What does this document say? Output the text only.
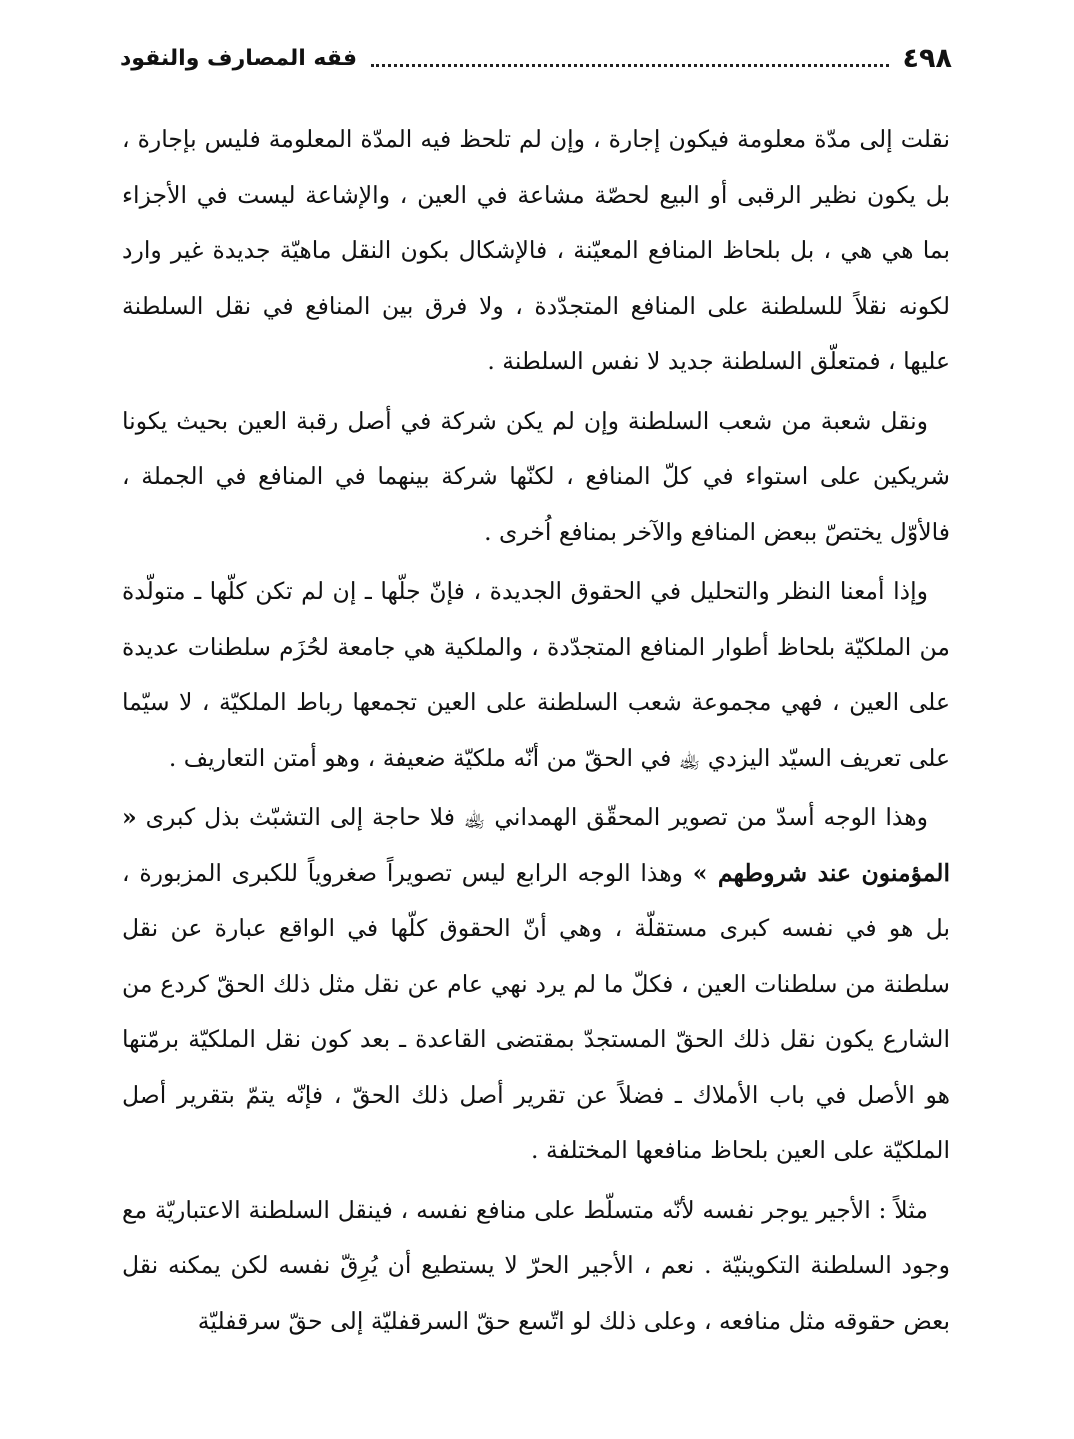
٤٩٨
فقه المصارف والنقود

نقلت إلى مدّة معلومة فيكون إجارة ، وإن لم تلحظ فيه المدّة المعلومة فليس بإجارة ، بل يكون نظير الرقبى أو البيع لحصّة مشاعة في العين ، والإشاعة ليست في الأجزاء بما هي هي ، بل بلحاظ المنافع المعيّنة ، فالإشكال بكون النقل ماهيّة جديدة غير وارد لكونه نقلاً للسلطنة على المنافع المتجدّدة ، ولا فرق بين المنافع في نقل السلطنة عليها ، فمتعلّق السلطنة جديد لا نفس السلطنة .

ونقل شعبة من شعب السلطنة وإن لم يكن شركة في أصل رقبة العين بحيث يكونا شريكين على استواء في كلّ المنافع ، لكنّها شركة بينهما في المنافع في الجملة ، فالأوّل يختصّ ببعض المنافع والآخر بمنافع اُخرى .

وإذا أمعنا النظر والتحليل في الحقوق الجديدة ، فإنّ جلّها ـ إن لم تكن كلّها ـ متولّدة من الملكيّة بلحاظ أطوار المنافع المتجدّدة ، والملكية هي جامعة لحُزَم سلطنات عديدة على العين ، فهي مجموعة شعب السلطنة على العين تجمعها رباط الملكيّة ، لا سيّما على تعريف السيّد اليزدي ﵀ في الحقّ من أنّه ملكيّة ضعيفة ، وهو أمتن التعاريف .

وهذا الوجه أسدّ من تصوير المحقّق الهمداني ﵀ فلا حاجة إلى التشبّث بذل كبرى « المؤمنون عند شروطهم » وهذا الوجه الرابع ليس تصويراً صغروياً للكبرى المزبورة ، بل هو في نفسه كبرى مستقلّة ، وهي أنّ الحقوق كلّها في الواقع عبارة عن نقل سلطنة من سلطنات العين ، فكلّ ما لم يرد نهي عام عن نقل مثل ذلك الحقّ كردع من الشارع يكون نقل ذلك الحقّ المستجدّ بمقتضى القاعدة ـ بعد كون نقل الملكيّة برمّتها هو الأصل في باب الأملاك ـ فضلاً عن تقرير أصل ذلك الحقّ ، فإنّه يتمّ بتقرير أصل الملكيّة على العين بلحاظ منافعها المختلفة .

مثلاً : الأجير يوجر نفسه لأنّه متسلّط على منافع نفسه ، فينقل السلطنة الاعتباريّة مع وجود السلطنة التكوينيّة . نعم ، الأجير الحرّ لا يستطيع أن يُرِقّ نفسه لكن يمكنه نقل بعض حقوقه مثل منافعه ، وعلى ذلك لو اتّسع حقّ السرقفليّة إلى حقّ سرقفليّة
